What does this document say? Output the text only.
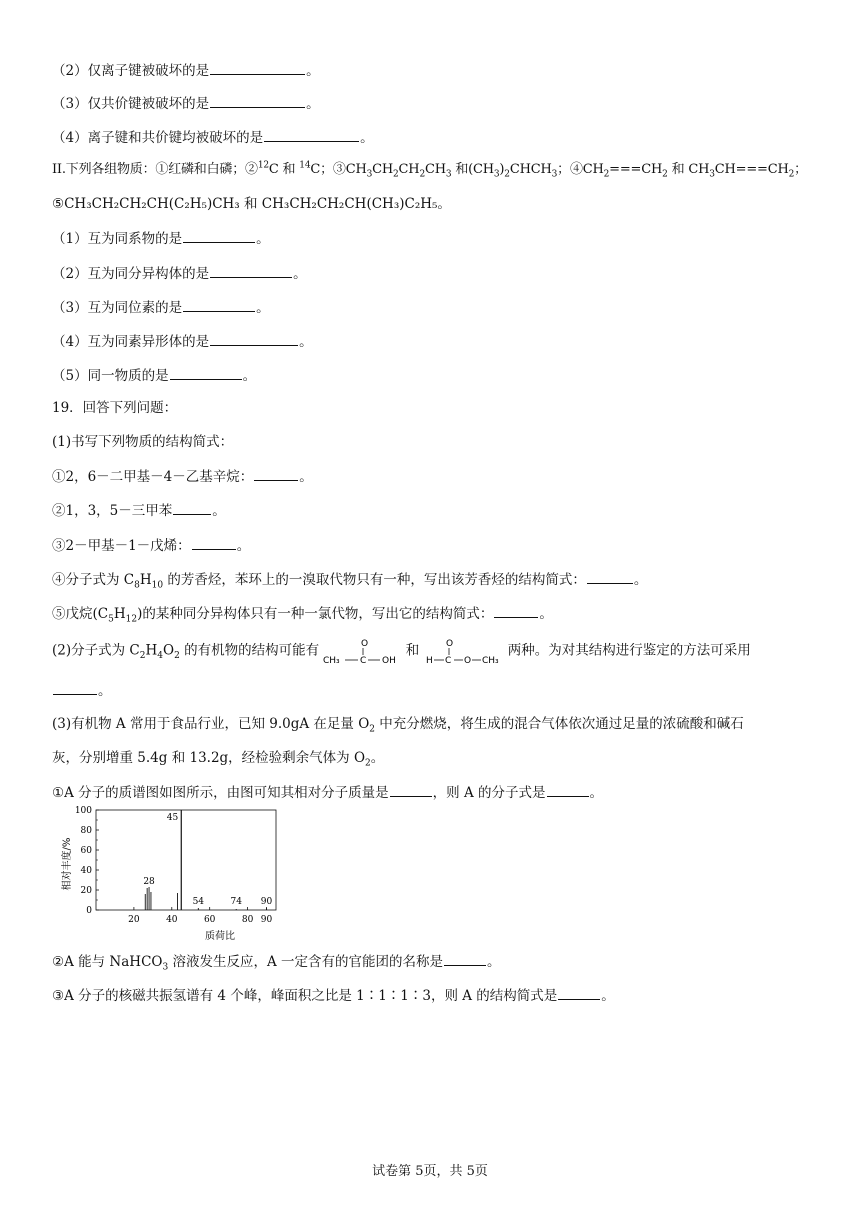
（2）仅离子键被破坏的是	。
（3）仅共价键被破坏的是	。
（4）离子键和共价键均被破坏的是	。
II.下列各组物质：①红磷和白磷；②$^{12}$C 和 $^{14}$C；$③CH_3CH_2CH_2CH_3$ 和$(CH_3)_2CHCH_3$；$④CH_2===CH_2$ 和 $CH_3CH===CH_2$；
⑤CH₃CH₂CH₂CH(C₂H₅)CH₃ 和 CH₃CH₂CH₂CH(CH₃)C₂H₅。
（1）互为同系物的是	。
（2）互为同分异构体的是	。
（3）互为同位素的是	。
（4）互为同素异形体的是	。
（5）同一物质的是	。
19．回答下列问题：
(1)书写下列物质的结构简式：
①2，6－二甲基－4－乙基辛烷：	。
②1，3，5－三甲苯	。
③2－甲基－1－戊烯：	。
④分子式为 $C_8H_{10}$ 的芳香烃，苯环上的一溴取代物只有一种，写出该芳香烃的结构简式：	。
⑤戊烷$(C_5H_{12})$的某种同分异构体只有一种一氯代物，写出它的结构简式：	。
(2)分子式为 $C_2H_4O_2$ 的有机物的结构可能有	O
CH₃ C OH
和	O
H C O CH₃
两种。为对其结构进行鉴定的方法可采用
。
(3)有机物 A 常用于食品行业，已知 9.0gA 在足量 $O_2$ 中充分燃烧，将生成的混合气体依次通过足量的浓硫酸和碱石
灰，分别增重 5.4g 和 13.2g，经检验剩余气体为 $O_2$。
①A 分子的质谱图如图所示，由图可知其相对分子质量是	，则 A 的分子式是	。
相对丰度/%
质荷比
0
20
40
60
80
100
20	40	60	80 90
28
45
54	74 90
②A 能与 NaHCO$_3$ 溶液发生反应，A 一定含有的官能团的名称是	。
③A 分子的核磁共振氢谱有 4 个峰，峰面积之比是 1∶1∶1∶3，则 A 的结构简式是	。
试卷第 5页，共 5页
